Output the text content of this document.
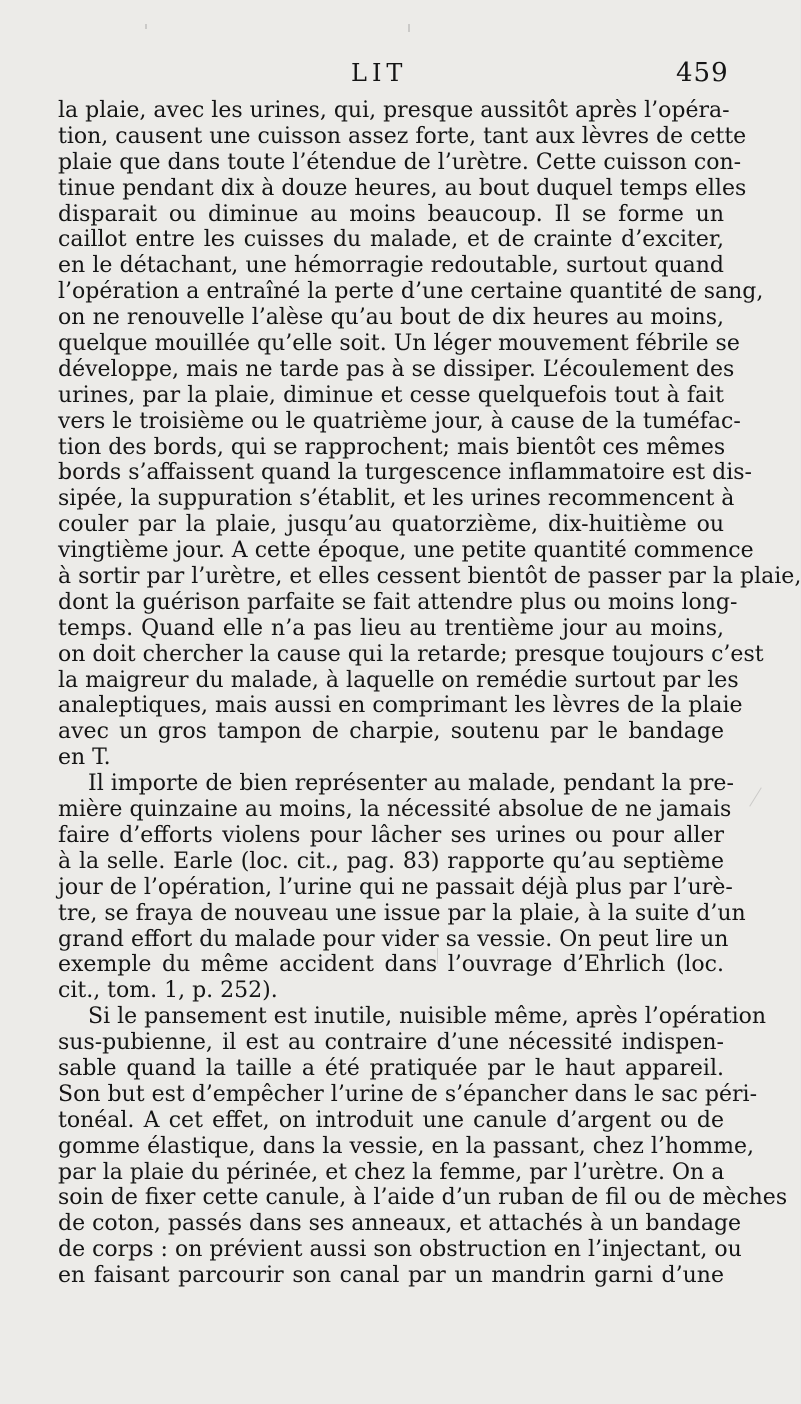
LIT	459
la plaie, avec les urines, qui, presque aussitôt après l’opéra-
tion, causent une cuisson assez forte, tant aux lèvres de cette
plaie que dans toute l’étendue de l’urètre. Cette cuisson con-
tinue pendant dix à douze heures, au bout duquel temps elles
disparait ou diminue au moins beaucoup. Il se forme un
caillot entre les cuisses du malade, et de crainte d’exciter,
en le détachant, une hémorragie redoutable, surtout quand
l’opération a entraîné la perte d’une certaine quantité de sang,
on ne renouvelle l’alèse qu’au bout de dix heures au moins,
quelque mouillée qu’elle soit. Un léger mouvement fébrile se
développe, mais ne tarde pas à se dissiper. L’écoulement des
urines, par la plaie, diminue et cesse quelquefois tout à fait
vers le troisième ou le quatrième jour, à cause de la tuméfac-
tion des bords, qui se rapprochent; mais bientôt ces mêmes
bords s’affaissent quand la turgescence inflammatoire est dis-
sipée, la suppuration s’établit, et les urines recommencent à
couler par la plaie, jusqu’au quatorzième, dix-huitième ou
vingtième jour. A cette époque, une petite quantité commence
à sortir par l’urètre, et elles cessent bientôt de passer par la plaie,
dont la guérison parfaite se fait attendre plus ou moins long-
temps. Quand elle n’a pas lieu au trentième jour au moins,
on doit chercher la cause qui la retarde; presque toujours c’est
la maigreur du malade, à laquelle on remédie surtout par les
analeptiques, mais aussi en comprimant les lèvres de la plaie
avec un gros tampon de charpie, soutenu par le bandage
en T.
Il importe de bien représenter au malade, pendant la pre-
mière quinzaine au moins, la nécessité absolue de ne jamais
faire d’efforts violens pour lâcher ses urines ou pour aller
à la selle. Earle (loc. cit., pag. 83) rapporte qu’au septième
jour de l’opération, l’urine qui ne passait déjà plus par l’urè-
tre, se fraya de nouveau une issue par la plaie, à la suite d’un
grand effort du malade pour vider sa vessie. On peut lire un
exemple du même accident dans l’ouvrage d’Ehrlich (loc.
cit., tom. 1, p. 252).
Si le pansement est inutile, nuisible même, après l’opération
sus-pubienne, il est au contraire d’une nécessité indispen-
sable quand la taille a été pratiquée par le haut appareil.
Son but est d’empêcher l’urine de s’épancher dans le sac péri-
tonéal. A cet effet, on introduit une canule d’argent ou de
gomme élastique, dans la vessie, en la passant, chez l’homme,
par la plaie du périnée, et chez la femme, par l’urètre. On a
soin de fixer cette canule, à l’aide d’un ruban de fil ou de mèches
de coton, passés dans ses anneaux, et attachés à un bandage
de corps : on prévient aussi son obstruction en l’injectant, ou
en faisant parcourir son canal par un mandrin garni d’une
